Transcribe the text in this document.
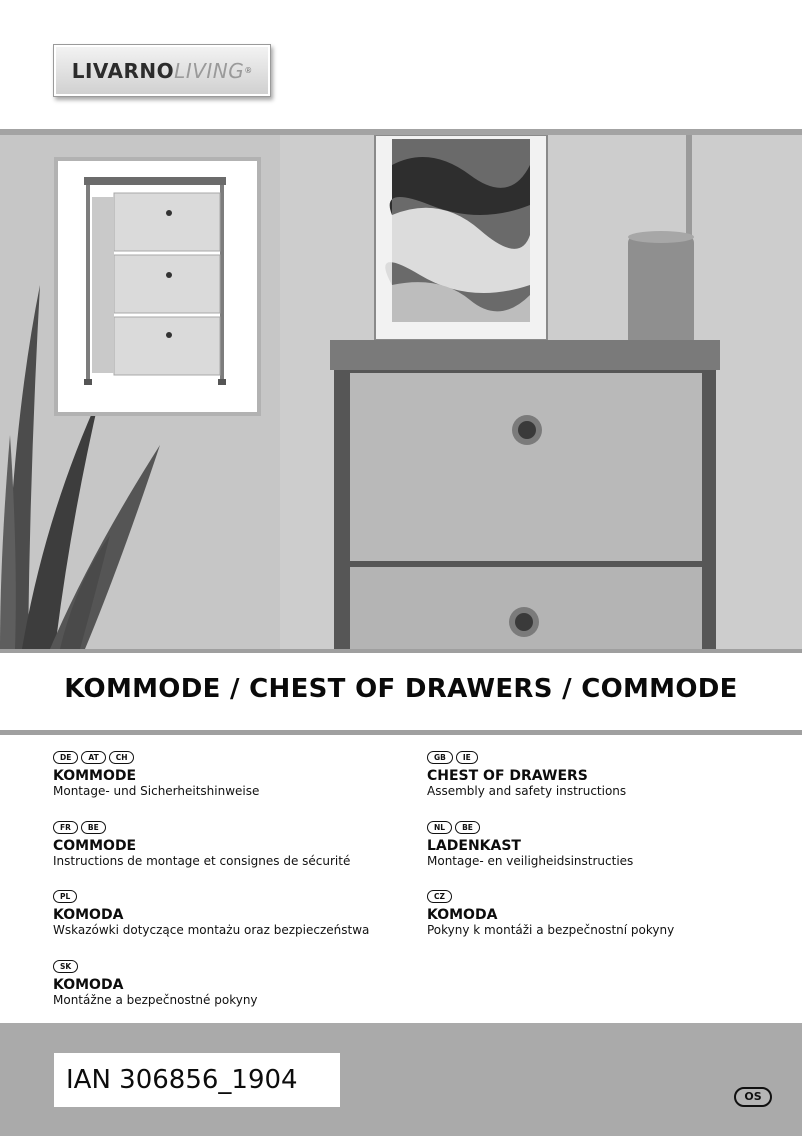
LIVARNO LIVING ®
KOMMODE / CHEST OF DRAWERS / COMMODE
DE	AT	CH
KOMMODE
Montage- und Sicherheitshinweise
GB	IE
CHEST OF DRAWERS
Assembly and safety instructions
FR	BE
COMMODE
Instructions de montage et consignes de sécurité
NL	BE
LADENKAST
Montage- en veiligheidsinstructies
PL
KOMODA
Wskazówki dotyczące montażu oraz bezpieczeństwa
CZ
KOMODA
Pokyny k montáži a bezpečnostní pokyny
SK
KOMODA
Montážne a bezpečnostné pokyny
IAN 306856_1904
OS
